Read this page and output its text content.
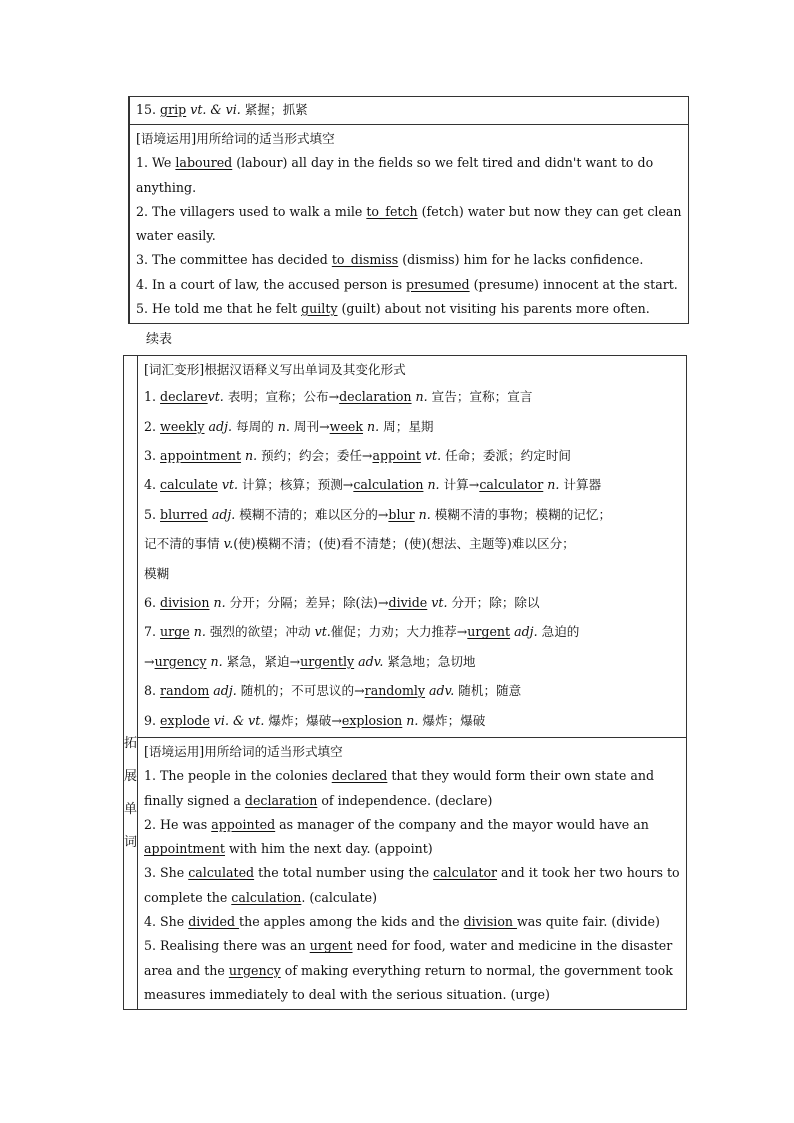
15. grip vt. & vi. 紧握；抓紧

[语境运用]用所给词的适当形式填空
1. We laboured (labour) all day in the fields so we felt tired and didn't want to do
anything.
2. The villagers used to walk a mile to_fetch (fetch) water but now they can get clean
water easily.
3. The committee has decided to_dismiss (dismiss) him for he lacks confidence.
4. In a court of law, the accused person is presumed (presume) innocent at the start.
5. He told me that he felt guilty (guilt) about not visiting his parents more often.
续表
拓
展
单
词

[词汇变形]根据汉语释义写出单词及其变化形式
1. declarevt. 表明；宣称；公布→declaration n. 宣告；宣称；宣言
2. weekly adj. 每周的 n. 周刊→week n. 周；星期
3. appointment n. 预约；约会；委任→appoint vt. 任命；委派；约定时间
4. calculate vt. 计算；核算；预测→calculation n. 计算→calculator n. 计算器
5. blurred adj. 模糊不清的；难以区分的→blur n. 模糊不清的事物；模糊的记忆；
记不清的事情 v.(使)模糊不清；(使)看不清楚；(使)(想法、主题等)难以区分；
模糊
6. division n. 分开；分隔；差异；除(法)→divide vt. 分开；除；除以
7. urge n. 强烈的欲望；冲动 vt.催促；力劝；大力推荐→urgent adj. 急迫的
→urgency n. 紧急，紧迫→urgently adv. 紧急地；急切地
8. random adj. 随机的；不可思议的→randomly adv. 随机；随意
9. explode vi. & vt. 爆炸；爆破→explosion n. 爆炸；爆破

[语境运用]用所给词的适当形式填空
1. The people in the colonies declared that they would form their own state and
finally signed a declaration of independence. (declare)
2. He was appointed as manager of the company and the mayor would have an
appointment with him the next day. (appoint)
3. She calculated the total number using the calculator and it took her two hours to
complete the calculation. (calculate)
4. She divided the apples among the kids and the division was quite fair. (divide)
5. Realising there was an urgent need for food, water and medicine in the disaster
area and the urgency of making everything return to normal, the government took
measures immediately to deal with the serious situation. (urge)
